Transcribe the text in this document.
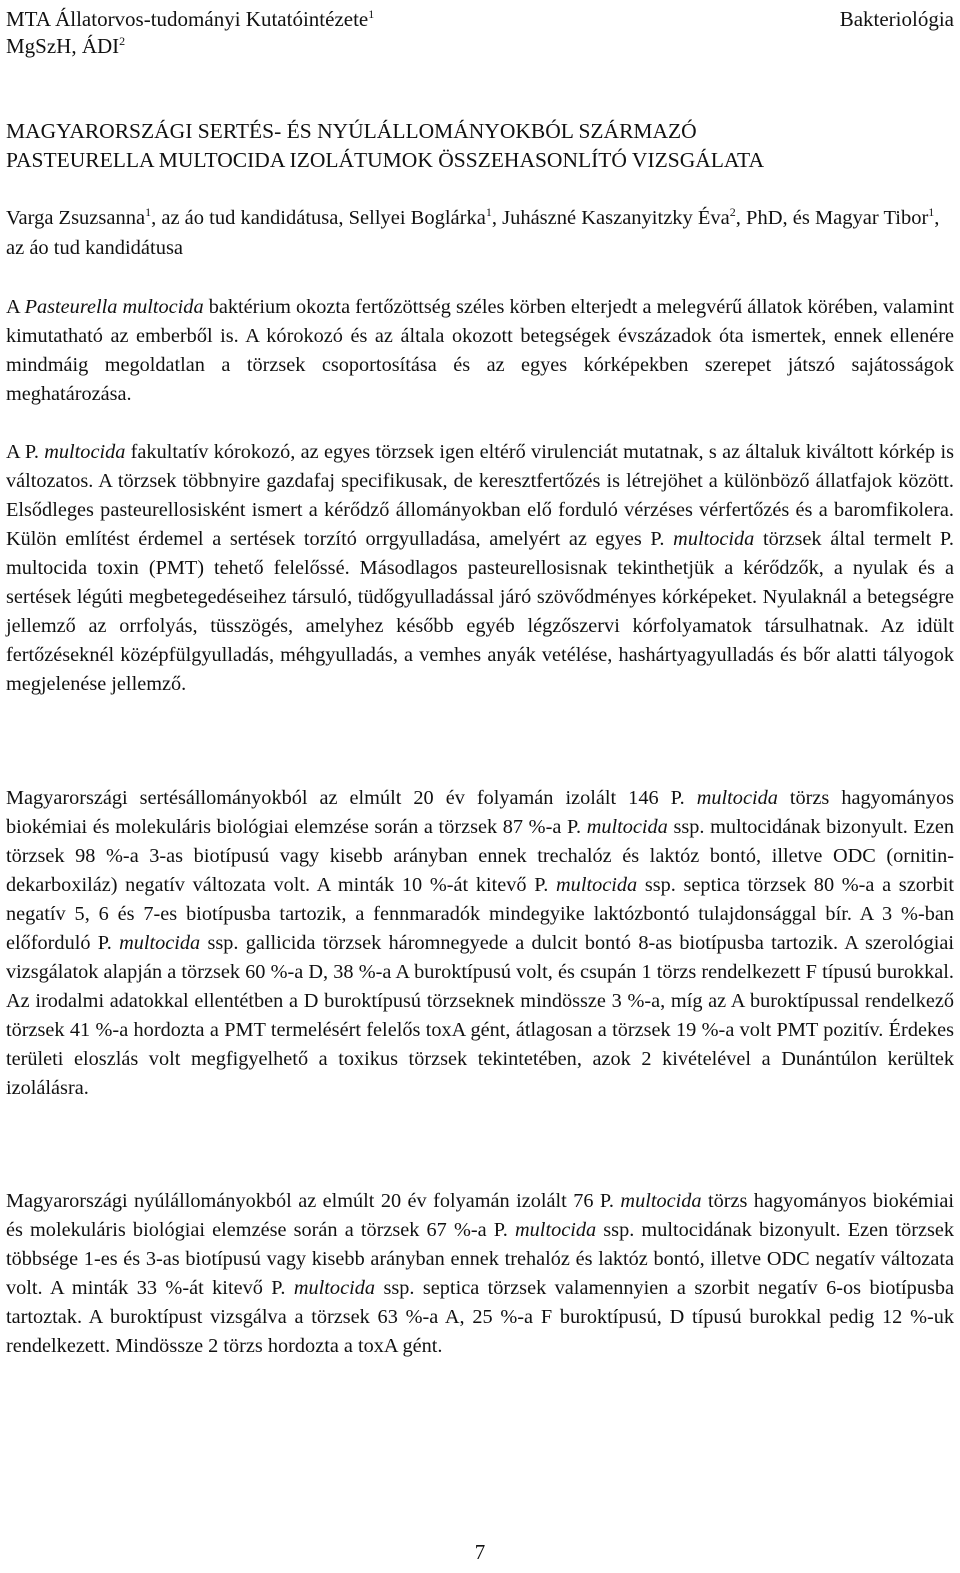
MTA Állatorvos-tudományi Kutatóintézete$^1$
MgSzH, ÁDI$^2$
Bakteriológia
MAGYARORSZÁGI SERTÉS- ÉS NYÚLÁLLOMÁNYOKBÓL SZÁRMAZÓ
PASTEURELLA MULTOCIDA IZOLÁTUMOK ÖSSZEHASONLÍTÓ VIZSGÁLATA
Varga Zsuzsanna$^1$, az áo tud kandidátusa, Sellyei Boglárka$^1$, Juhászné Kaszanyitzky Éva$^2$, PhD, és Magyar Tibor$^1$, az áo tud kandidátusa

A Pasteurella multocida baktérium okozta fertőzöttség széles körben elterjedt a melegvérű állatok körében, valamint kimutatható az emberből is. A kórokozó és az általa okozott betegségek évszázadok óta ismertek, ennek ellenére mindmáig megoldatlan a törzsek csoportosítása és az egyes kórképekben szerepet játszó sajátosságok meghatározása.

A P. multocida fakultatív kórokozó, az egyes törzsek igen eltérő virulenciát mutatnak, s az általuk kiváltott kórkép is változatos. A törzsek többnyire gazdafaj specifikusak, de keresztfertőzés is létrejöhet a különböző állatfajok között. Elsődleges pasteurellosisként ismert a kérődző állományokban elő forduló vérzéses vérfertőzés és a baromfikolera. Külön említést érdemel a sertések torzító orrgyulladása, amelyért az egyes P. multocida törzsek által termelt P. multocida toxin (PMT) tehető felelőssé. Másodlagos pasteurellosisnak tekinthetjük a kérődzők, a nyulak és a sertések légúti megbetegedéseihez társuló, tüdőgyulladással járó szövődményes kórképeket. Nyulaknál a betegségre jellemző az orrfolyás, tüsszögés, amelyhez később egyéb légzőszervi kórfolyamatok társulhatnak. Az idült fertőzéseknél középfülgyulladás, méhgyulladás, a vemhes anyák vetélése, hashártyagyulladás és bőr alatti tályogok megjelenése jellemző.

Magyarországi sertésállományokból az elmúlt 20 év folyamán izolált 146 P. multocida törzs hagyományos biokémiai és molekuláris biológiai elemzése során a törzsek 87 %-a P. multocida ssp. multocidának bizonyult. Ezen törzsek 98 %-a 3-as biotípusú vagy kisebb arányban ennek trechalóz és laktóz bontó, illetve ODC (ornitin-dekarboxiláz) negatív változata volt. A minták 10 %-át kitevő P. multocida ssp. septica törzsek 80 %-a a szorbit negatív 5, 6 és 7-es biotípusba tartozik, a fennmaradók mindegyike laktózbontó tulajdonsággal bír. A 3 %-ban előforduló P. multocida ssp. gallicida törzsek háromnegyede a dulcit bontó 8-as biotípusba tartozik. A szerológiai vizsgálatok alapján a törzsek 60 %-a D, 38 %-a A buroktípusú volt, és csupán 1 törzs rendelkezett F típusú burokkal. Az irodalmi adatokkal ellentétben a D buroktípusú törzseknek mindössze 3 %-a, míg az A buroktípussal rendelkező törzsek 41 %-a hordozta a PMT termelésért felelős toxA gént, átlagosan a törzsek 19 %-a volt PMT pozitív. Érdekes területi eloszlás volt megfigyelhető a toxikus törzsek tekintetében, azok 2 kivételével a Dunántúlon kerültek izolálásra.

Magyarországi nyúlállományokból az elmúlt 20 év folyamán izolált 76 P. multocida törzs hagyományos biokémiai és molekuláris biológiai elemzése során a törzsek 67 %-a P. multocida ssp. multocidának bizonyult. Ezen törzsek többsége 1-es és 3-as biotípusú vagy kisebb arányban ennek trehalóz és laktóz bontó, illetve ODC negatív változata volt. A minták 33 %-át kitevő P. multocida ssp. septica törzsek valamennyien a szorbit negatív 6-os biotípusba tartoztak. A buroktípust vizsgálva a törzsek 63 %-a A, 25 %-a F buroktípusú, D típusú burokkal pedig 12 %-uk rendelkezett. Mindössze 2 törzs hordozta a toxA gént.

7
